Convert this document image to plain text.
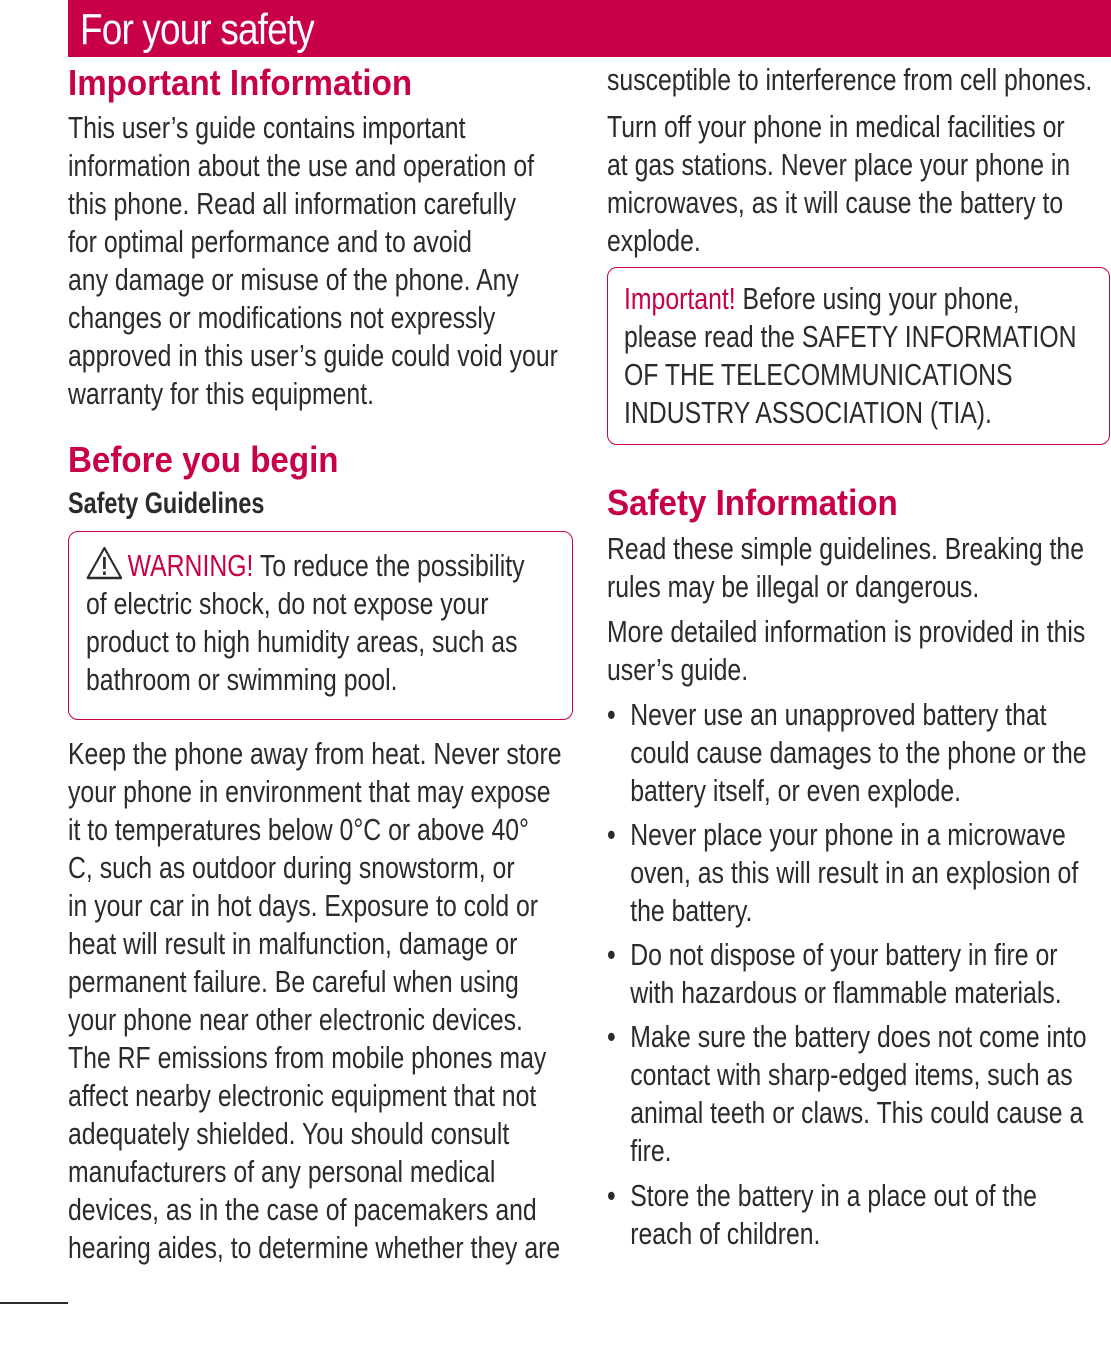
For your safety
Important Information

This user’s guide contains important
information about the use and operation of
this phone. Read all information carefully
for optimal performance and to avoid
any damage or misuse of the phone. Any
changes or modifications not expressly
approved in this user’s guide could void your
warranty for this equipment.

Before you begin
Safety Guidelines

WARNING! To reduce the possibility
of electric shock, do not expose your
product to high humidity areas, such as
bathroom or swimming pool.

Keep the phone away from heat. Never store
your phone in environment that may expose
it to temperatures below 0°C or above 40°
C, such as outdoor during snowstorm, or
in your car in hot days. Exposure to cold or
heat will result in malfunction, damage or
permanent failure. Be careful when using
your phone near other electronic devices.
The RF emissions from mobile phones may
affect nearby electronic equipment that not
adequately shielded. You should consult
manufacturers of any personal medical
devices, as in the case of pacemakers and
hearing aides, to determine whether they are

susceptible to interference from cell phones.

Turn off your phone in medical facilities or
at gas stations. Never place your phone in
microwaves, as it will cause the battery to
explode.

Important! Before using your phone,
please read the SAFETY INFORMATION
OF THE TELECOMMUNICATIONS
INDUSTRY ASSOCIATION (TIA).

Safety Information

Read these simple guidelines. Breaking the
rules may be illegal or dangerous.

More detailed information is provided in this
user’s guide.

• Never use an unapproved battery that
could cause damages to the phone or the
battery itself, or even explode.
• Never place your phone in a microwave
oven, as this will result in an explosion of
the battery.
• Do not dispose of your battery in fire or
with hazardous or flammable materials.
• Make sure the battery does not come into
contact with sharp-edged items, such as
animal teeth or claws. This could cause a
fire.
• Store the battery in a place out of the
reach of children.
